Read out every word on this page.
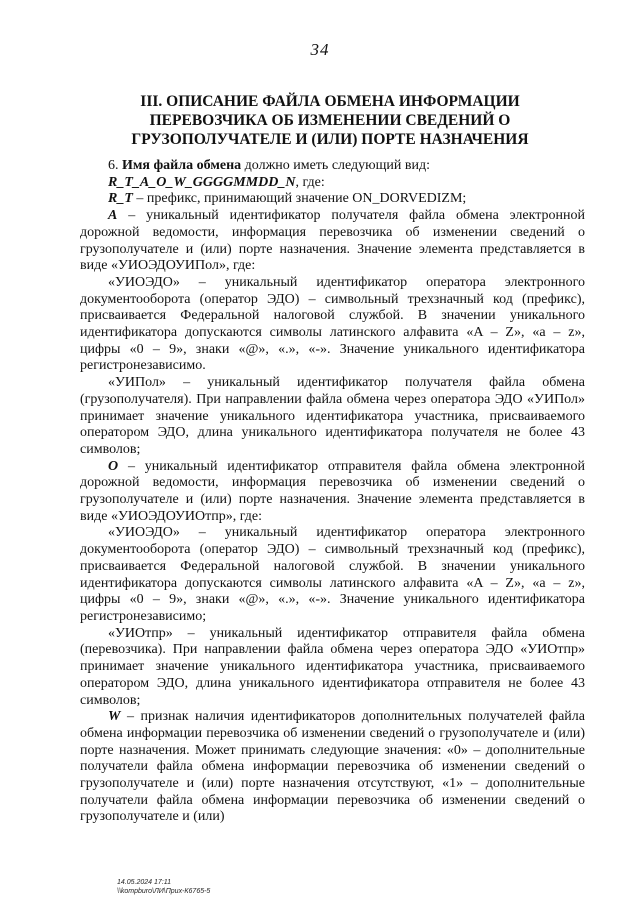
34
III. ОПИСАНИЕ ФАЙЛА ОБМЕНА ИНФОРМАЦИИ
ПЕРЕВОЗЧИКА ОБ ИЗМЕНЕНИИ СВЕДЕНИЙ О
ГРУЗОПОЛУЧАТЕЛЕ И (ИЛИ) ПОРТЕ НАЗНАЧЕНИЯ

6. Имя файла обмена должно иметь следующий вид:

R_T_A_O_W_GGGGMMDD_N, где:

R_T – префикс, принимающий значение ON_DORVEDIZM;

A – уникальный идентификатор получателя файла обмена электронной дорожной ведомости, информация перевозчика об изменении сведений о грузополучателе и (или) порте назначения. Значение элемента представляется в виде «УИОЭДОУИПол», где:

«УИОЭДО» – уникальный идентификатор оператора электронного документооборота (оператор ЭДО) – символьный трехзначный код (префикс), присваивается Федеральной налоговой службой. В значении уникального идентификатора допускаются символы латинского алфавита «A – Z», «a – z», цифры «0 – 9», знаки «@», «.», «-». Значение уникального идентификатора регистронезависимо.

«УИПол» – уникальный идентификатор получателя файла обмена (грузополучателя). При направлении файла обмена через оператора ЭДО «УИПол» принимает значение уникального идентификатора участника, присваиваемого оператором ЭДО, длина уникального идентификатора получателя не более 43 символов;

O – уникальный идентификатор отправителя файла обмена электронной дорожной ведомости, информация перевозчика об изменении сведений о грузополучателе и (или) порте назначения. Значение элемента представляется в виде «УИОЭДОУИОтпр», где:

«УИОЭДО» – уникальный идентификатор оператора электронного документооборота (оператор ЭДО) – символьный трехзначный код (префикс), присваивается Федеральной налоговой службой. В значении уникального идентификатора допускаются символы латинского алфавита «A – Z», «a – z», цифры «0 – 9», знаки «@», «.», «-». Значение уникального идентификатора регистронезависимо;

«УИОтпр» – уникальный идентификатор отправителя файла обмена (перевозчика). При направлении файла обмена через оператора ЭДО «УИОтпр» принимает значение уникального идентификатора участника, присваиваемого оператором ЭДО, длина уникального идентификатора отправителя не более 43 символов;

W – признак наличия идентификаторов дополнительных получателей файла обмена информации перевозчика об изменении сведений о грузополучателе и (или) порте назначения. Может принимать следующие значения: «0» – дополнительные получатели файла обмена информации перевозчика об изменении сведений о грузополучателе и (или) порте назначения отсутствуют, «1» – дополнительные получатели файла обмена информации перевозчика об изменении сведений о грузополучателе и (или)

14.05.2024 17:11
\\kompburo\ЛИ\Приx-К6765-5
